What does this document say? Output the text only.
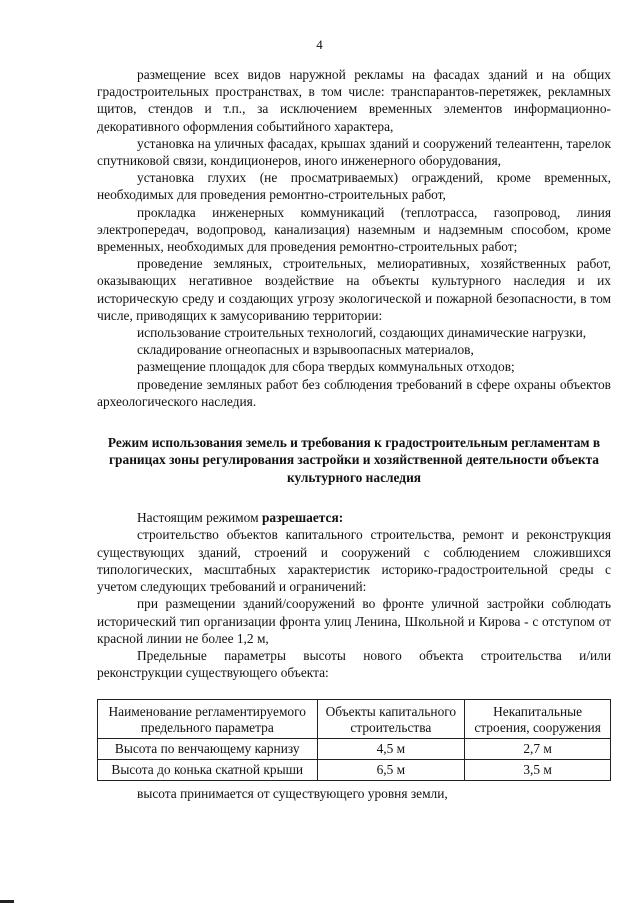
4

размещение всех видов наружной рекламы на фасадах зданий и на общих градостроительных пространствах, в том числе: транспарантов-перетяжек, рекламных щитов, стендов и т.п., за исключением временных элементов информационно-декоративного оформления событийного характера,

установка на уличных фасадах, крышах зданий и сооружений телеантенн, тарелок спутниковой связи, кондиционеров, иного инженерного оборудования,

установка глухих (не просматриваемых) ограждений, кроме временных, необходимых для проведения ремонтно-строительных работ,

прокладка инженерных коммуникаций (теплотрасса, газопровод, линия электропередач, водопровод, канализация) наземным и надземным способом, кроме временных, необходимых для проведения ремонтно-строительных работ;

проведение земляных, строительных, мелиоративных, хозяйственных работ, оказывающих негативное воздействие на объекты культурного наследия и их историческую среду и создающих угрозу экологической и пожарной безопасности, в том числе, приводящих к замусориванию территории:

использование строительных технологий, создающих динамические нагрузки,

складирование огнеопасных и взрывоопасных материалов,

размещение площадок для сбора твердых коммунальных отходов;

проведение земляных работ без соблюдения требований в сфере охраны объектов археологического наследия.

Режим использования земель и требования к градостроительным регламентам в границах зоны регулирования застройки и хозяйственной деятельности объекта культурного наследия

Настоящим режимом разрешается:

строительство объектов капитального строительства, ремонт и реконструкция существующих зданий, строений и сооружений с соблюдением сложившихся типологических, масштабных характеристик историко-градостроительной среды с учетом следующих требований и ограничений:

при размещении зданий/сооружений во фронте уличной застройки соблюдать исторический тип организации фронта улиц Ленина, Школьной и Кирова - с отступом от красной линии не более 1,2 м,

Предельные параметры высоты нового объекта строительства и/или реконструкции существующего объекта:

Наименование регламентируемого предельного параметра	Объекты капитального строительства	Некапитальные строения, сооружения
Высота по венчающему карнизу	4,5 м	2,7 м
Высота до конька скатной крыши	6,5 м	3,5 м

высота принимается от существующего уровня земли,
